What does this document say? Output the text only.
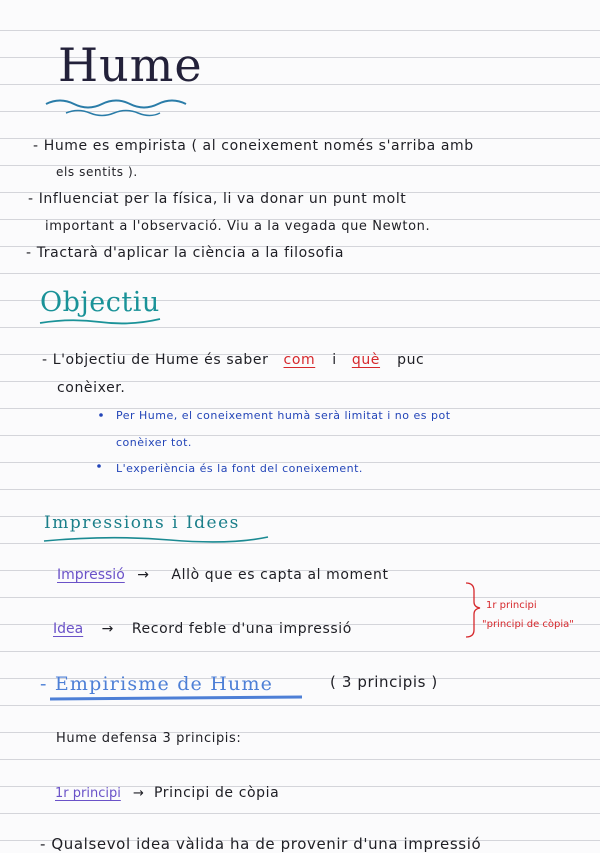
Hume
- Hume es empirista ( al coneixement només s'arriba amb
els sentits ).
- Influenciat per la física, li va donar un punt molt
important a l'observació. Viu a la vegada que Newton.
- Tractarà d'aplicar la ciència a la filosofia
Objectiu
- L'objectiu de Hume és saber com i què puc
conèixer.
Per Hume, el coneixement humà serà limitat i no es pot
conèixer tot.
L'experiència és la font del coneixement.
Impressions i Idees
Impressió → Allò que es capta al moment
Idea → Record feble d'una impressió
1r principi
"principi de còpia"
- Empirisme de Hume	( 3 principis )
Hume defensa 3 principis:
1r principi → Principi de còpia
- Qualsevol idea vàlida ha de provenir d'una impressió
